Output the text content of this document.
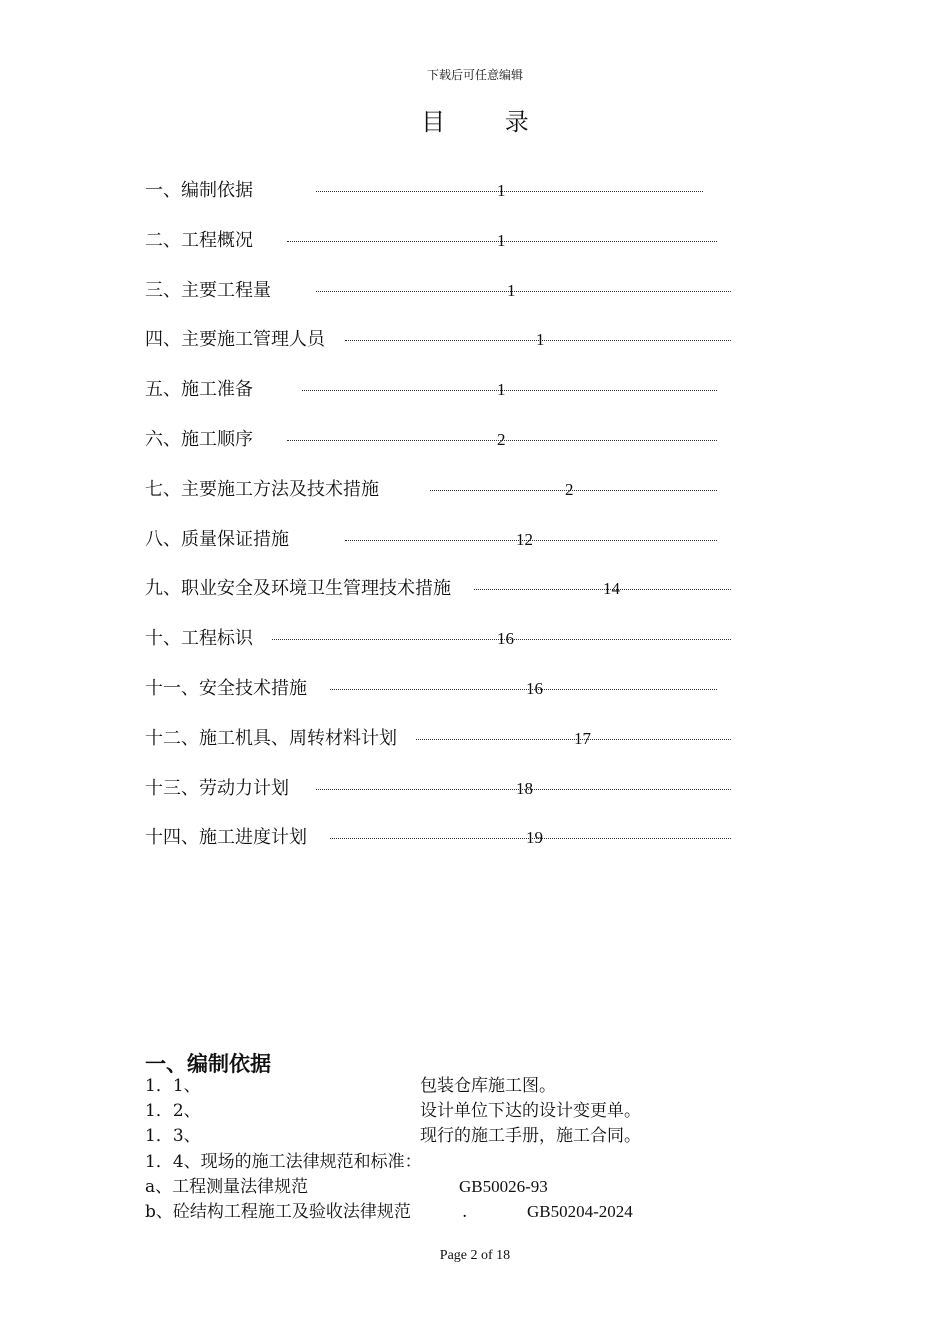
下载后可任意编辑
目 录
一、编制依据	1
二、工程概况	1
三、主要工程量	1
四、主要施工管理人员	1
五、施工准备	1
六、施工顺序	2
七、主要施工方法及技术措施	2
八、质量保证措施	12
九、职业安全及环境卫生管理技术措施	14
十、工程标识	16
十一、安全技术措施	16
十二、施工机具、周转材料计划	17
十三、劳动力计划	18
十四、施工进度计划	19
一、编制依据
1．1、	包装仓库施工图。
1．2、	设计单位下达的设计变更单。
1．3、	现行的施工手册，施工合同。
1．4、现场的施工法律规范和标准：
a、工程测量法律规范	GB50026-93
b、砼结构工程施工及验收法律规范	.	GB50204-2024
Page 2 of 18
